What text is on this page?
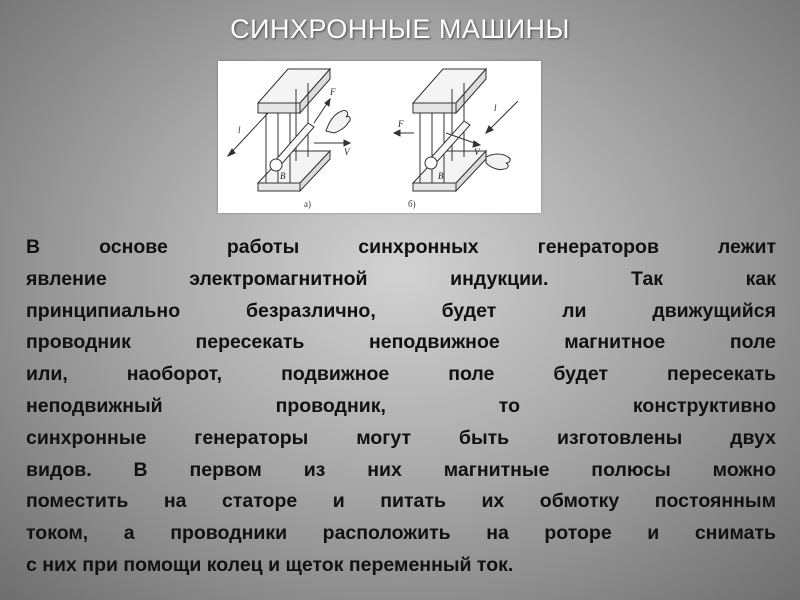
СИНХРОННЫЕ МАШИНЫ
l
F
V
B
а)
F
l
V
B
б)
В основе работы синхронных генераторов лежит
явление электромагнитной индукции. Так как
принципиально безразлично, будет ли движущийся
проводник пересекать неподвижное магнитное поле
или, наоборот, подвижное поле будет пересекать
неподвижный проводник, то конструктивно
синхронные генераторы могут быть изготовлены двух
видов. В первом из них магнитные полюсы можно
поместить на статоре и питать их обмотку постоянным
током, а проводники расположить на роторе и снимать
с них при помощи колец и щеток переменный ток.
